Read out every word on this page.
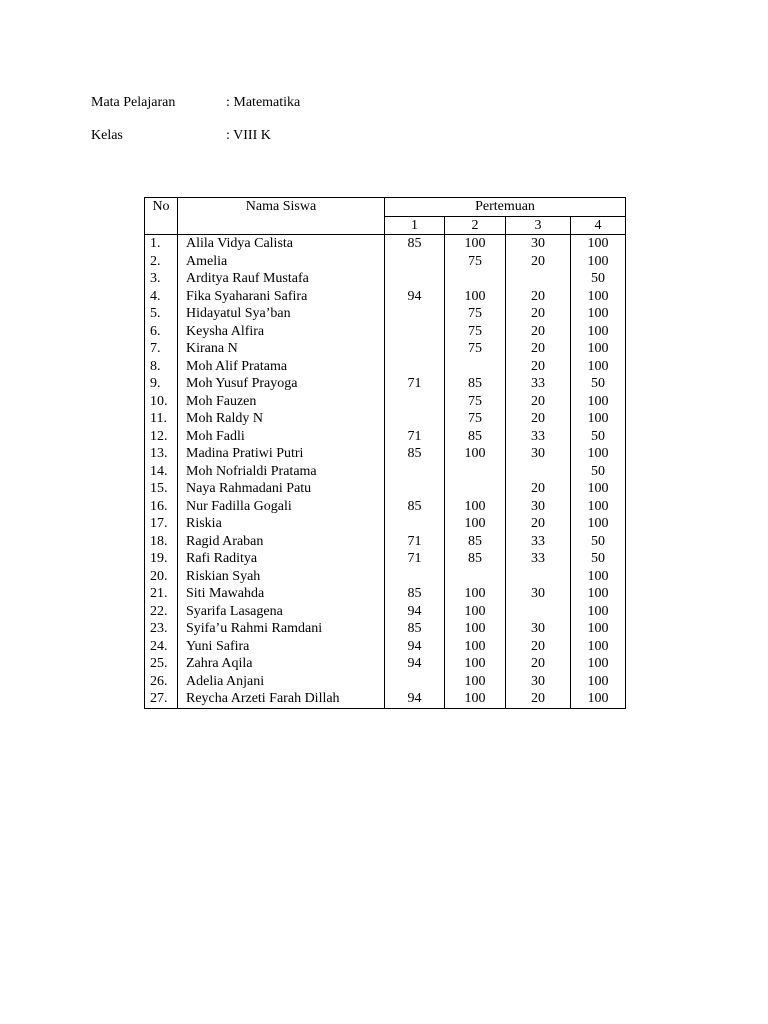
Mata Pelajaran	: Matematika
Kelas	: VIII K
No	Nama Siswa	Pertemuan			
		1	2	3	4
1.	Alila Vidya Calista	85	100	30	100
2.	Amelia		75	20	100
3.	Arditya Rauf Mustafa				50
4.	Fika Syaharani Safira	94	100	20	100
5.	Hidayatul Sya’ban		75	20	100
6.	Keysha Alfira		75	20	100
7.	Kirana N		75	20	100
8.	Moh Alif Pratama			20	100
9.	Moh Yusuf Prayoga	71	85	33	50
10.	Moh Fauzen		75	20	100
11.	Moh Raldy N		75	20	100
12.	Moh Fadli	71	85	33	50
13.	Madina Pratiwi Putri	85	100	30	100
14.	Moh Nofrialdi Pratama				50
15.	Naya Rahmadani Patu			20	100
16.	Nur Fadilla Gogali	85	100	30	100
17.	Riskia		100	20	100
18.	Ragid Araban	71	85	33	50
19.	Rafi Raditya	71	85	33	50
20.	Riskian Syah				100
21.	Siti Mawahda	85	100	30	100
22.	Syarifa Lasagena	94	100		100
23.	Syifa’u Rahmi Ramdani	85	100	30	100
24.	Yuni Safira	94	100	20	100
25.	Zahra Aqila	94	100	20	100
26.	Adelia Anjani		100	30	100
27.	Reycha Arzeti Farah Dillah	94	100	20	100
